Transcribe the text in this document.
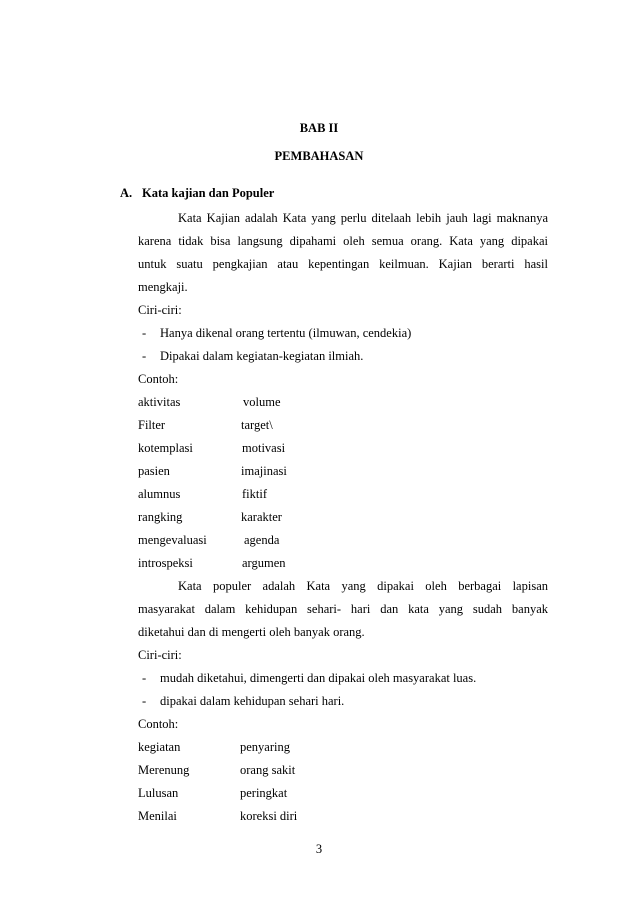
BAB II
PEMBAHASAN
A. Kata kajian dan Populer
Kata Kajian adalah Kata yang perlu ditelaah lebih jauh lagi maknanya
karena tidak bisa langsung dipahami oleh semua orang. Kata yang dipakai
untuk suatu pengkajian atau kepentingan keilmuan. Kajian berarti hasil
mengkaji.
Ciri-ciri:
- Hanya dikenal orang tertentu (ilmuwan, cendekia)
- Dipakai dalam kegiatan-kegiatan ilmiah.
Contoh:
aktivitas	volume
Filter	target\
kotemplasi	motivasi
pasien	imajinasi
alumnus	fiktif
rangking	karakter
mengevaluasi	agenda
introspeksi	argumen
Kata populer adalah Kata yang dipakai oleh berbagai lapisan
masyarakat dalam kehidupan sehari- hari dan kata yang sudah banyak
diketahui dan di mengerti oleh banyak orang.
Ciri-ciri:
- mudah diketahui, dimengerti dan dipakai oleh masyarakat luas.
- dipakai dalam kehidupan sehari hari.
Contoh:
kegiatan	penyaring
Merenung	orang sakit
Lulusan	peringkat
Menilai	koreksi diri
3
